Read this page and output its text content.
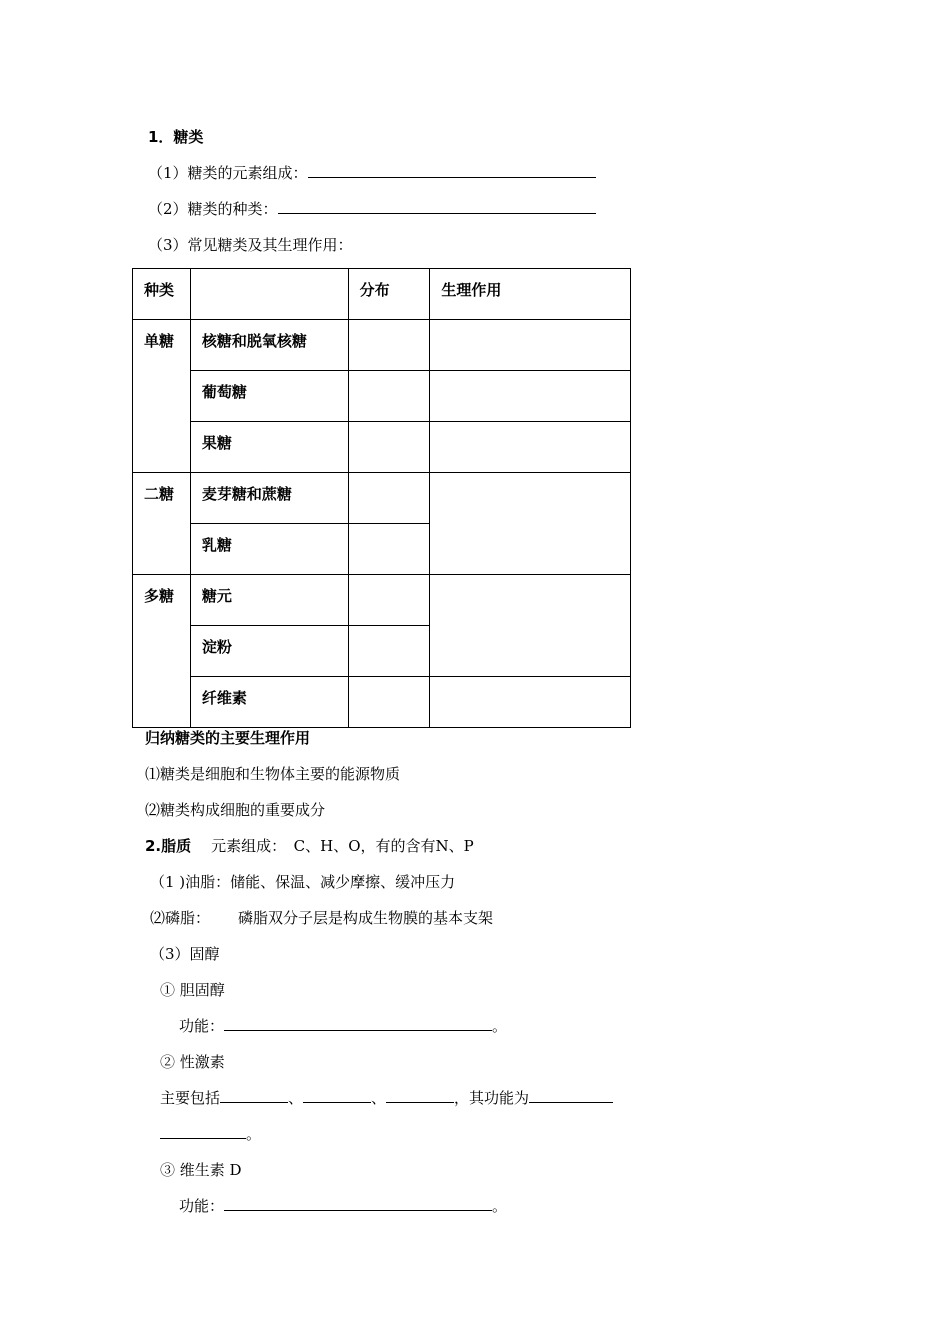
1．糖类
（1）糖类的元素组成：
（2）糖类的种类：
（3）常见糖类及其生理作用：
种类		分布	生理作用
单糖	核糖和脱氧核糖		
	葡萄糖		
	果糖		
二糖	麦芽糖和蔗糖		
	乳糖		
多糖	糖元		
	淀粉		
	纤维素		
归纳糖类的主要生理作用
⑴糖类是细胞和生物体主要的能源物质
⑵糖类构成细胞的重要成分
2.脂质 元素组成：　C、H、O，有的含有N、P
（1 )油脂：储能、保温、减少摩擦、缓冲压力
⑵磷脂： 磷脂双分子层是构成生物膜的基本支架
（3）固醇
① 胆固醇
功能：	。
② 性激素
主要包括	、	、	，其功能为
。
③ 维生素 D
功能：	。
